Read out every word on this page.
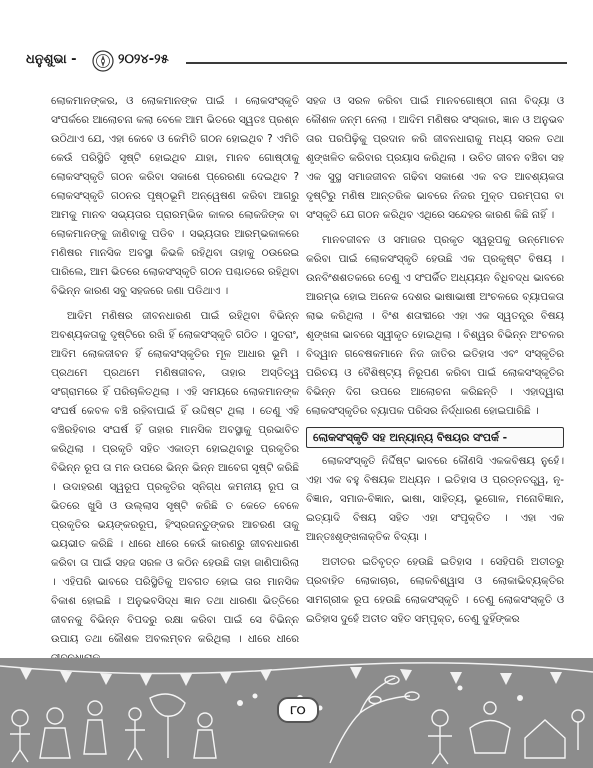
ଧନୁଶୁଭା -	୨୦୨୪-୨୫

ଲୋକମାନଙ୍କର, ଓ ଲୋକମାନଙ୍କ ପାଇଁ । ଲୋକସଂସ୍କୃତି ସଂପର୍କରେ ଆଲୋଚନା କଲା ବେଳେ ଆମ ଭିତରେ ସ୍ୱତଃ ପ୍ରଶ୍ନ ଉଠିଥାଏ ଯେ, ଏହା କେବେ ଓ କେମିତି ଗଠନ ହୋଇଥିବ ? ଏମିତି କେଉଁ ପରିସ୍ଥିତି ସୃଷ୍ଟି ହୋଇଥିବ ଯାହା, ମାନବ ଗୋଷ୍ଠୀକୁ ଲୋକସଂସ୍କୃତି ଗଠନ କରିବା ସକାଶେ ପ୍ରେରଣା ଦେଇଥିବ ? ଲୋକସଂସ୍କୃତି ଗଠନର ପୃଷ୍ଠଭୂମି ଅନ୍ୱେଷଣ କରିବା ଆଗରୁ ଆମକୁ ମାନବ ସଭ୍ୟତାର ପ୍ରାରମ୍ଭିକ କାଳର ଲୋକଜିଙ୍କ ବା ଲୋକମାନଙ୍କୁ ଜାଣିବାକୁ ପଡିବ । ସଭ୍ୟତାର ଆରମ୍ଭକାଳରେ ମଣିଷର ମାନସିକ ଅବସ୍ଥା କିଭଳି ରହିଥିବା ତାହାକୁ ଠଉରେଇ ପାରିଲେ, ଆମ ଭିତରେ ଲୋକସଂସ୍କୃତି ଗଠନ ପଶ୍ଚାତରେ ରହିଥିବା ବିଭିନ୍ନ କାରଣ ସବୁ ସହଜରେ ଜଣା ପଡିଥାଏ ।

ଆଦିମ ମଣିଷର ଜୀବନଧାରଣ ପାଇଁ ରହିଥିବା ବିଭିନ୍ନ ଅବଶ୍ୟକତାକୁ ଦୃଷ୍ଟିରେ ରଖି ହିଁ ଲୋକସଂସ୍କୃତି ଗଠିତ । ସୁତରାଂ, ଆଦିମ ଲୋକଜୀବନ ହିଁ ଲୋକସଂସ୍କୃତିର ମୂଳ ଆଧାର ଭୂମି । ପ୍ରଥମେ ପ୍ରଥମେ ମଣିଷଜୀବନ, ତାହାର ଅସ୍ତିତ୍ୱ ସଂଗ୍ରାମରେ ହିଁ ପରିଚାଳିତଥିଲା । ଏହି ସମୟରେ ଲୋକମାନଙ୍କ ସଂଘର୍ଷ କେବଳ ବଞ୍ଚି ରହିବାପାଇଁ ହିଁ ଉଦ୍ଦିଷ୍ଟ ଥିଲା । ତେଣୁ ଏହି ବଞ୍ଚିରହିବାର ସଂଘର୍ଷ ହିଁ ତାହାର ମାନସିକ ଅବସ୍ଥାକୁ ପ୍ରଭାବିତ କରିଥିଲା । ପ୍ରକୃତି ସହିତ ଏକାତ୍ମ ହୋଇଥିବାରୁ ପ୍ରକୃତିର ବିଭିନ୍ନ ରୂପ ତା ମନ ଉପରେ ଭିନ୍ନ ଭିନ୍ନ ଆବେଗ ସୃଷ୍ଟି କରିଛି । ଉଦାହରଣ ସ୍ୱରୂପ ପ୍ରକୃତିର ସ୍ନିଗ୍ଧ କମନୀୟ ରୂପ ତା ଭିତରେ ଖୁସି ଓ ଉଲ୍ଲାସ ସୃଷ୍ଟି କରିଛି ତ କେତେ ବେଳେ ପ୍ରକୃତିର ଭୟଙ୍କରରୂପ, ହିଂସ୍ରଜନ୍ତୁଙ୍କର ଆଚରଣ ତାକୁ ଭୟଭୀତ କରିଛି । ଧୀରେ ଧୀରେ କେଉଁ କାରଣରୁ ଜୀବନଧାରଣ କରିବା ତା ପାଇଁ ସହଜ ସରଳ ଓ କଠିନ ହେଉଛି ତାହା ଜାଣିପାରିଲା । ଏହିପରି ଭାବରେ ପରିସ୍ଥିତିକୁ ଅବଗତ ହୋଇ ତାର ମାନସିକ ବିକାଶ ହୋଇଛି । ଅନୁଭବସିଦ୍ଧ ଜ୍ଞାନ ତଥା ଧାରଣା ଭିତ୍ତିରେ ଜୀବନକୁ ବିଭିନ୍ନ ବିପଦରୁ ରକ୍ଷା କରିବା ପାଇଁ ସେ ବିଭିନ୍ନ ଉପାୟ ତଥା କୌଶଳ ଅବଲମ୍ବନ କରିଥିଲା । ଧୀରେ ଧୀରେ

ସହଜ ଓ ସରଳ କରିବା ପାଇଁ ମାନବଗୋଷ୍ଠୀ ନାନା ବିଦ୍ୟା ଓ କୌଶଳ ଜନ୍ମ ନେଲା । ଆଦିମ ମଣିଷର ସଂସ୍କାର, ଜ୍ଞାନ ଓ ଅନୁଭବ ତାର ପରପିଢ଼ିକୁ ପ୍ରଦାନ କରି ଜୀବନଧାରାକୁ ମଧ୍ୟ ସରଳ ତଥା ଶୃଙ୍ଖଳିତ କରିବାର ପ୍ରୟାସ କରିଥିଲା । ଉଚିତ ଜୀବନ ବଞ୍ଚିବା ସହ ଏକ ସୁସ୍ଥ ସମାଜଜୀବନ ଗଢିବା ସକାଶେ ଏକ ବଡ ଆବଶ୍ୟକତା ଦୃଷ୍ଟିରୁ ମଣିଷ ଆନ୍ତରିକ ଭାବରେ ନିଜର ମୁକ୍ତ ପରମ୍ପରା ବା ସଂସ୍କୃତି ଯେ ଗଠନ କରିଥିବ ଏଥିରେ ସନ୍ଦେହର କାରଣ କିଛି ନାହିଁ ।

ମାନବଜୀବନ ଓ ସମାଜର ପ୍ରକୃତ ସ୍ୱରୂପକୁ ଉନ୍ମୋଚନ କରିବା ପାଇଁ ଲୋକସଂସ୍କୃତି ହେଉଛି ଏକ ପ୍ରକୃଷ୍ଟ ବିଷୟ । ଉନବିଂଶଶତକରେ ତେଣୁ ଏ ସଂପର୍କିତ ଅଧ୍ୟୟନ ବିଧିବଦ୍ଧ ଭାବରେ ଆରମ୍ଭ ହୋଇ ଅନେକ ଦେଶର ଭାଷାଭାଷୀ ଅଂଚଳରେ ବ୍ୟାପକତା ଲାଭ କରିଥିଲା । ବିଂଶ ଶତାବ୍ଦୀରେ ଏହା ଏକ ସ୍ୱତନ୍ତ୍ର ବିଷୟ ଶୃଙ୍ଖଳା ଭାବରେ ସ୍ୱୀକୃତ ହୋଇଥିଲା । ବିଶ୍ୱର ବିଭିନ୍ନ ଅଂଚଳର ବିଦ୍ୱାନ ଗବେଷକମାନେ ନିଜ ଜାତିର ଇତିହାସ ଏବଂ ସଂସ୍କୃତିର ପରିଚୟ ଓ ବୈଶିଷ୍ଟ୍ୟ ନିରୂପଣ କରିବା ପାଇଁ ଲୋକସଂସ୍କୃତିର ବିଭିନ୍ନ ଦିଗ ଉପରେ ଆଲୋଚନା କରିଛନ୍ତି । ଏହାଦ୍ୱାରା ଲୋକସଂସ୍କୃତିର ବ୍ୟାପକ ପରିସର ନିର୍ଦ୍ଧାରଣ ହୋଇପାରିଛି ।

ଲୋକସଂସ୍କୃତି ସହ ଅନ୍ୟାନ୍ୟ ବିଷୟର ସଂପର୍କ -

ଲୋକସଂସ୍କୃତି ନିର୍ଦ୍ଦିଷ୍ଟ ଭାବରେ କୌଣସି ଏକକବିଷୟ ନୁହେଁ। ଏହା ଏକ ବହୁ ବିଷୟକ ଅଧ୍ୟନ । ଇତିହାସ ଓ ପ୍ରତ୍ନତତ୍ତ୍ୱ, ନୃ-ବିଜ୍ଞାନ, ସମାଜ-ବିଜ୍ଞାନ, ଭାଷା, ସାହିତ୍ୟ, ଭୂଗୋଳ, ମନୋବିଜ୍ଞାନ, ଇତ୍ୟାଦି ବିଷୟ ସହିତ ଏହା ସଂପୃକ୍ତିତ । ଏହା ଏକ ଆନ୍ତଃଶୃଙ୍ଖଳାକ୍ତିକ ବିଦ୍ୟା ।

ଅତୀତର ଇତିବୃତ୍ତ ହେଉଛି ଇତିହାସ । ସେହିପରି ଅତୀତରୁ ପ୍ରବାହିତ ଲୋକାଚାର, ଲୋକବିଶ୍ୱାସ ଓ ଲୋକାଭିବ୍ୟକ୍ତିର ସାମଗ୍ରୀକ ରୂପ ହେଉଛି ଲୋକସଂସ୍କୃତି । ତେଣୁ ଲୋକସଂସ୍କୃତି ଓ ଇତିହାସ ଦୁହେଁ ଅତୀତ ସହିତ ସମ୍ପୃକ୍ତ, ତେଣୁ ଦୁହିଁଙ୍କର

୮୦
